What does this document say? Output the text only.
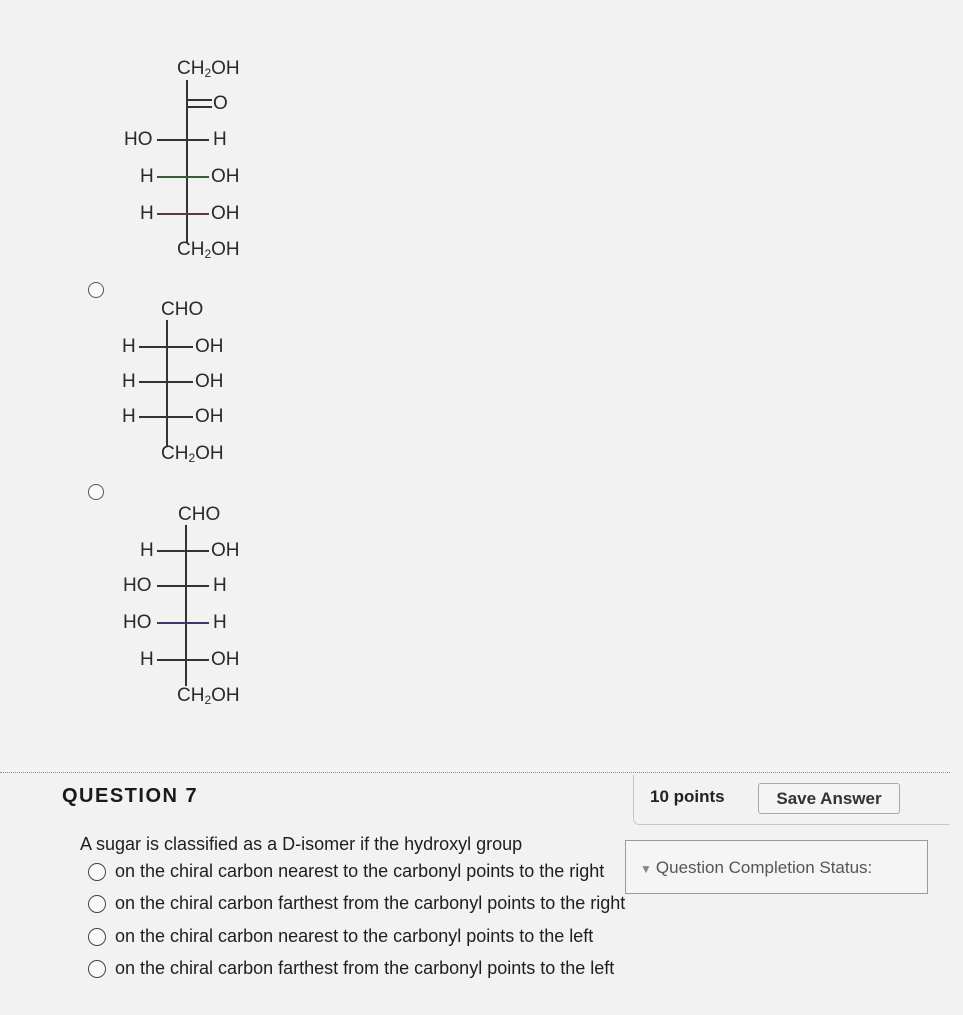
$CH_2OH$
O
HO	H
H	OH
H	OH
$CH_2OH$
CHO
H	OH
H	OH
H	OH
$CH_2OH$
CHO
H	OH
HO	H
HO	H
H	OH
$CH_2OH$
QUESTION 7	10 points	Save Answer
A sugar is classified as a D-isomer if the hydroxyl group
on the chiral carbon nearest to the carbonyl points to the right
on the chiral carbon farthest from the carbonyl points to the right
on the chiral carbon nearest to the carbonyl points to the left
on the chiral carbon farthest from the carbonyl points to the left
▼ Question Completion Status:
